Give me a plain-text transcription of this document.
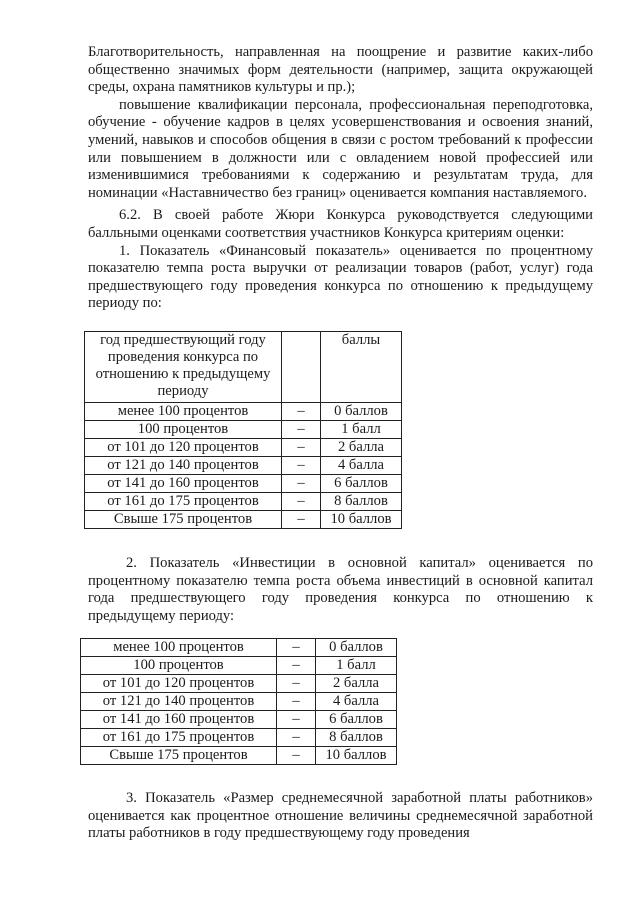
Благотворительность, направленная на поощрение и развитие каких-либо общественно значимых форм деятельности (например, защита окружающей среды, охрана памятников культуры и пр.);

повышение квалификации персонала, профессиональная переподготовка, обучение - обучение кадров в целях усовершенствования и освоения знаний, умений, навыков и способов общения в связи с ростом требований к профессии или повышением в должности или с овладением новой профессией или изменившимися требованиями к содержанию и результатам труда, для номинации «Наставничество без границ» оценивается компания наставляемого.

6.2. В своей работе Жюри Конкурса руководствуется следующими балльными оценками соответствия участников Конкурса критериям оценки:

1. Показатель «Финансовый показатель» оценивается по процентному показателю темпа роста выручки от реализации товаров (работ, услуг) года предшествующего году проведения конкурса по отношению к предыдущему периоду по:

год предшествующий году проведения конкурса по отношению к предыдущему периоду		баллы
менее 100 процентов	–	0 баллов
100 процентов	–	1 балл
от 101 до 120 процентов	–	2 балла
от 121 до 140 процентов	–	4 балла
от 141 до 160 процентов	–	6 баллов
от 161 до 175 процентов	–	8 баллов
Свыше 175 процентов	–	10 баллов

2. Показатель «Инвестиции в основной капитал» оценивается по процентному показателю темпа роста объема инвестиций в основной капитал года предшествующего году проведения конкурса по отношению к предыдущему периоду:

менее 100 процентов	–	0 баллов
100 процентов	–	1 балл
от 101 до 120 процентов	–	2 балла
от 121 до 140 процентов	–	4 балла
от 141 до 160 процентов	–	6 баллов
от 161 до 175 процентов	–	8 баллов
Свыше 175 процентов	–	10 баллов

3. Показатель «Размер среднемесячной заработной платы работников» оценивается как процентное отношение величины среднемесячной заработной платы работников в году предшествующему году проведения
